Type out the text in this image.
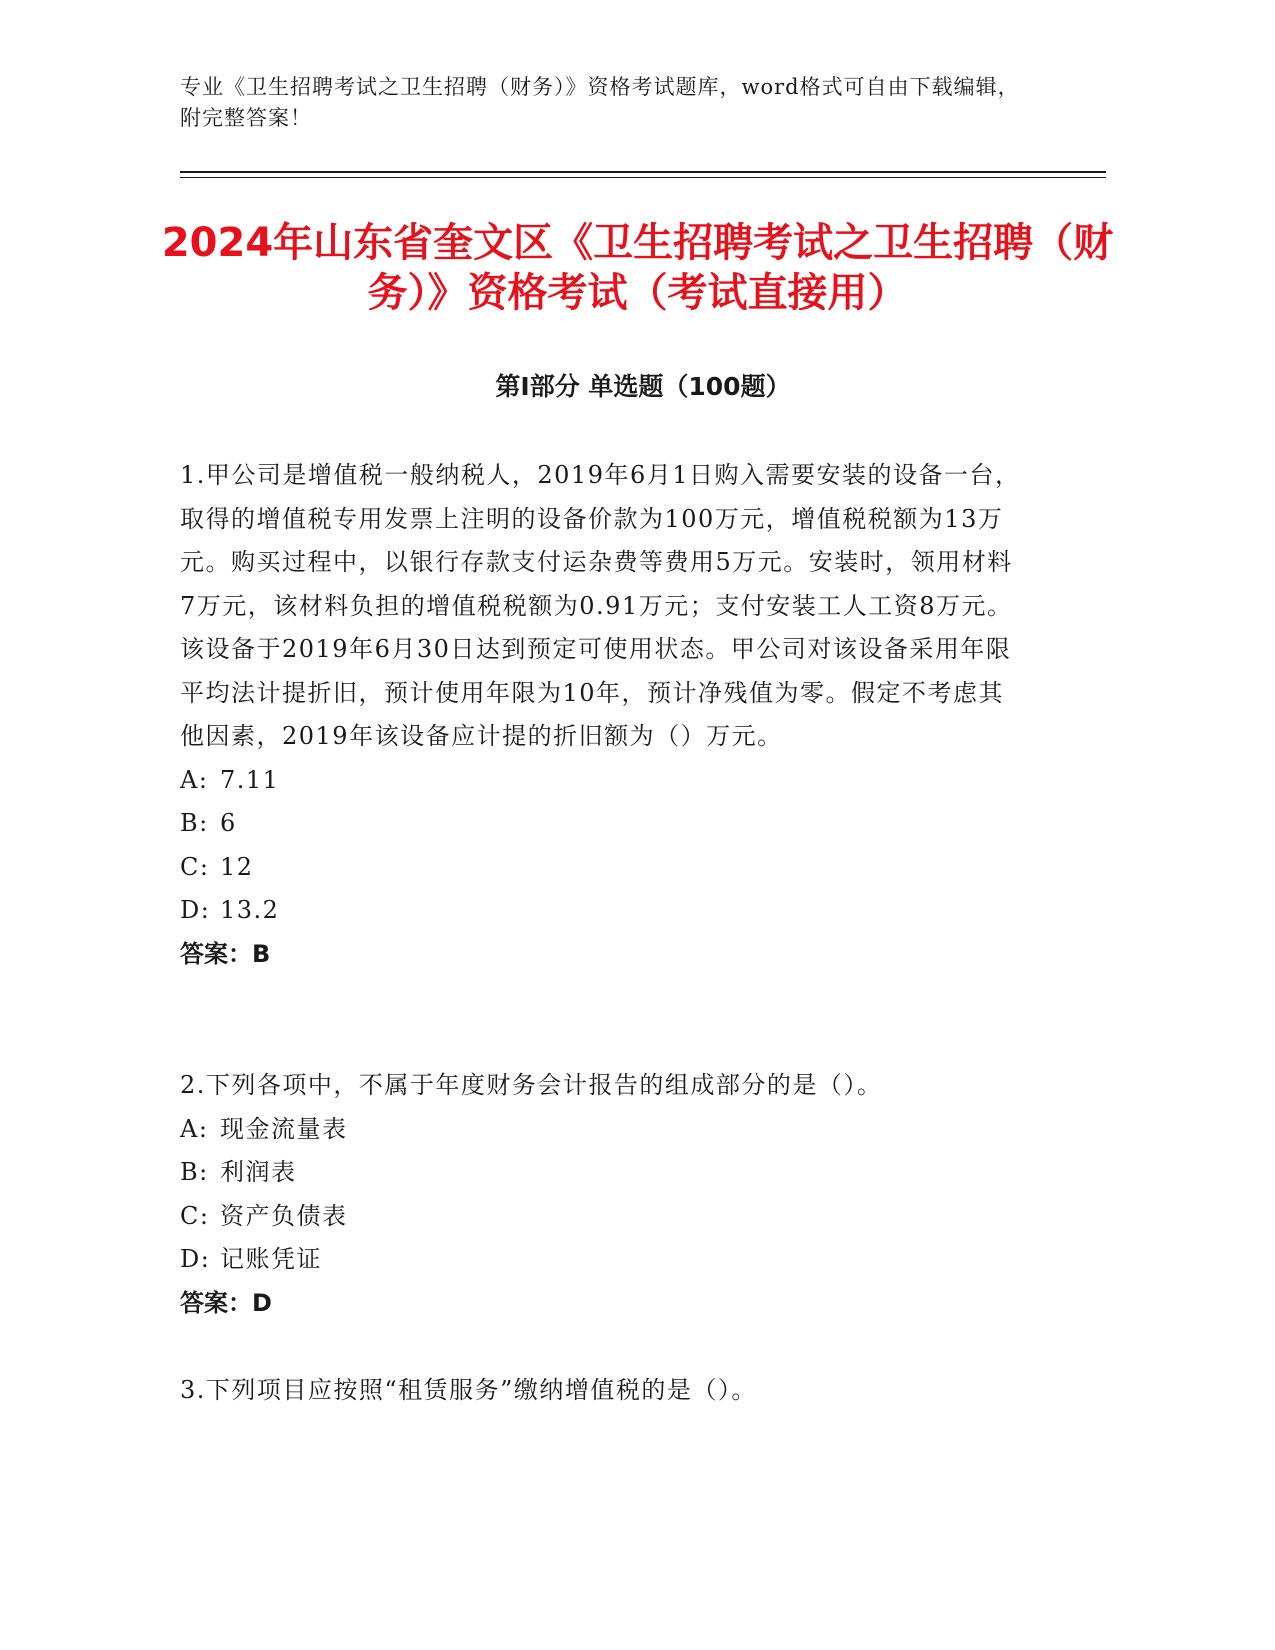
专业《卫生招聘考试之卫生招聘（财务）》资格考试题库，word格式可自由下载编辑，附完整答案！
2024年山东省奎文区《卫生招聘考试之卫生招聘（财务）》资格考试（考试直接用）
第Ⅰ部分 单选题（100题）

1.甲公司是增值税一般纳税人，2019年6月1日购入需要安装的设备一台，取得的增值税专用发票上注明的设备价款为100万元，增值税税额为13万元。购买过程中，以银行存款支付运杂费等费用5万元。安装时，领用材料7万元，该材料负担的增值税税额为0.91万元；支付安装工人工资8万元。该设备于2019年6月30日达到预定可使用状态。甲公司对该设备采用年限平均法计提折旧，预计使用年限为10年，预计净残值为零。假定不考虑其他因素，2019年该设备应计提的折旧额为（）万元。

A: 7.11

B: 6

C: 12

D: 13.2

答案：B

2.下列各项中，不属于年度财务会计报告的组成部分的是（）。

A: 现金流量表

B: 利润表

C: 资产负债表

D: 记账凭证

答案：D

3.下列项目应按照“租赁服务”缴纳增值税的是（）。
